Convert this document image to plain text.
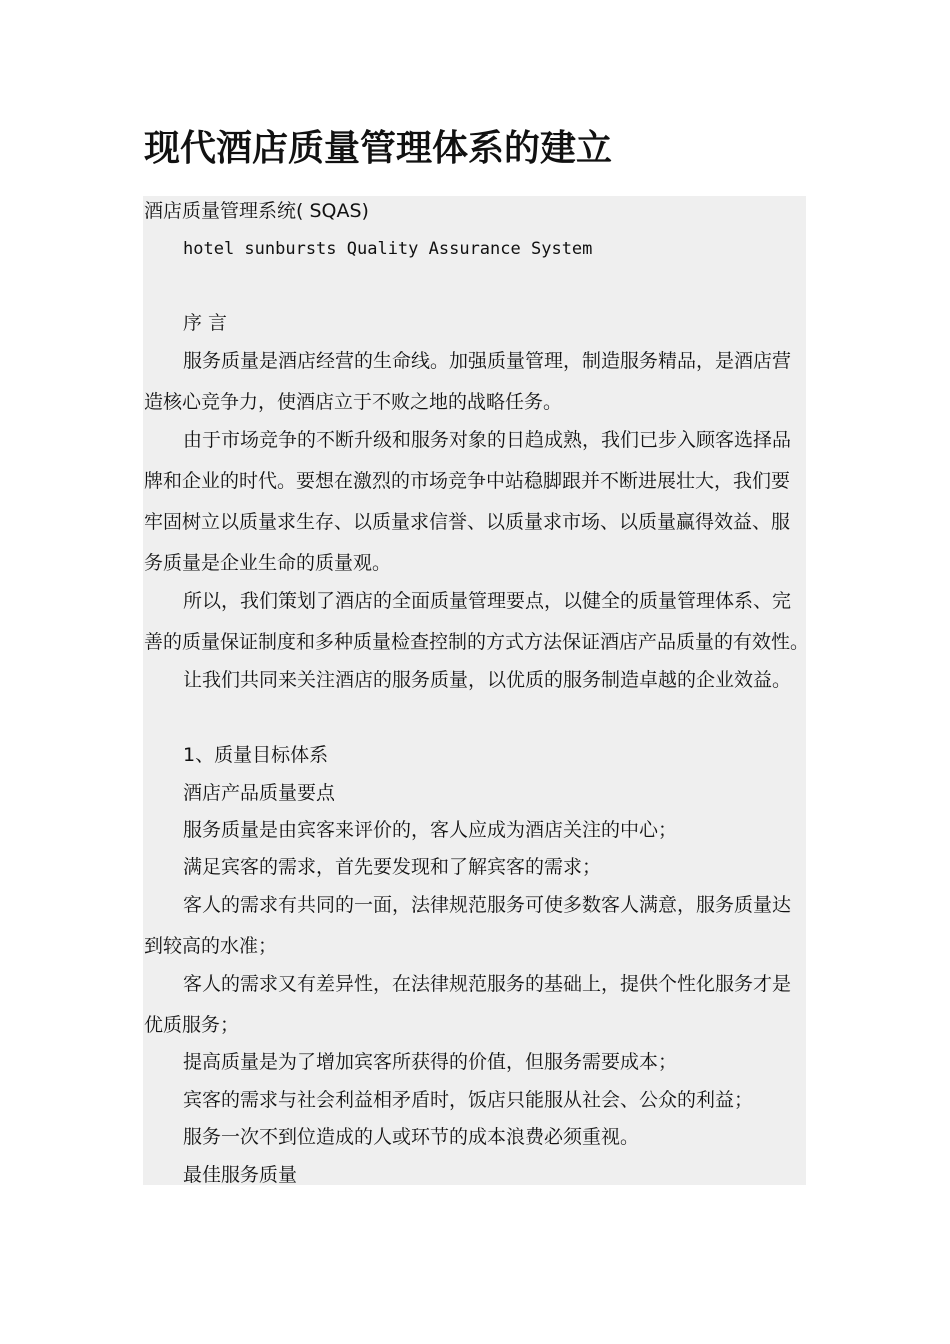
现代酒店质量管理体系的建立
酒店质量管理系统( SQAS)
hotel sunbursts Quality Assurance System
序 言
服务质量是酒店经营的生命线。加强质量管理，制造服务精品，是酒店营
造核心竞争力，使酒店立于不败之地的战略任务。
由于市场竞争的不断升级和服务对象的日趋成熟，我们已步入顾客选择品
牌和企业的时代。要想在激烈的市场竞争中站稳脚跟并不断进展壮大，我们要
牢固树立以质量求生存、以质量求信誉、以质量求市场、以质量赢得效益、服
务质量是企业生命的质量观。
所以，我们策划了酒店的全面质量管理要点，以健全的质量管理体系、完
善的质量保证制度和多种质量检查控制的方式方法保证酒店产品质量的有效性。
让我们共同来关注酒店的服务质量，以优质的服务制造卓越的企业效益。
1、质量目标体系
酒店产品质量要点
服务质量是由宾客来评价的，客人应成为酒店关注的中心；
满足宾客的需求，首先要发现和了解宾客的需求；
客人的需求有共同的一面，法律规范服务可使多数客人满意，服务质量达
到较高的水准；
客人的需求又有差异性，在法律规范服务的基础上，提供个性化服务才是
优质服务；
提高质量是为了增加宾客所获得的价值，但服务需要成本；
宾客的需求与社会利益相矛盾时，饭店只能服从社会、公众的利益；
服务一次不到位造成的人或环节的成本浪费必须重视。
最佳服务质量
